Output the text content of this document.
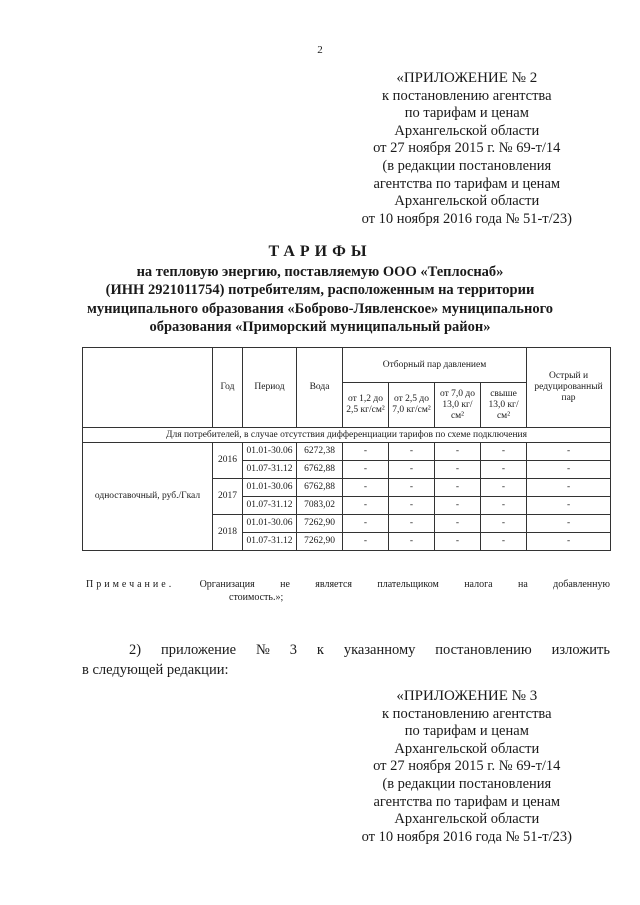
2
«ПРИЛОЖЕНИЕ № 2
к постановлению агентства
по тарифам и ценам
Архангельской области
от 27 ноября 2015 г. № 69-т/14
(в редакции постановления
агентства по тарифам и ценам
Архангельской области
от 10 ноября 2016 года № 51-т/23)
ТАРИФЫ
на тепловую энергию, поставляемую ООО «Теплоснаб»
(ИНН 2921011754) потребителям, расположенным на территории
муниципального образования «Боброво-Лявленское» муниципального
образования «Приморский муниципальный район»
	Год	Период	Вода	Отборный пар давлением				Острый и редуцированный пар
				от 1,2 до 2,5 кг/см²	от 2,5 до 7,0 кг/см²	от 7,0 до 13,0 кг/см²	свыше 13,0 кг/см²	
Для потребителей, в случае отсутствия дифференциации тарифов по схеме подключения								
одноставочный, руб./Гкал	2016	01.01-30.06	6272,38	-	-	-	-	-
		01.07-31.12	6762,88	-	-	-	-	-
	2017	01.01-30.06	6762,88	-	-	-	-	-
		01.07-31.12	7083,02	-	-	-	-	-
	2018	01.01-30.06	7262,90	-	-	-	-	-
		01.07-31.12	7262,90	-	-	-	-	-
Примечание.	Организация	не	является	плательщиком	налога	на	добавленную
стоимость.»;
2) приложение № 3 к указанному постановлению изложить
в следующей редакции:
«ПРИЛОЖЕНИЕ № 3
к постановлению агентства
по тарифам и ценам
Архангельской области
от 27 ноября 2015 г. № 69-т/14
(в редакции постановления
агентства по тарифам и ценам
Архангельской области
от 10 ноября 2016 года № 51-т/23)
